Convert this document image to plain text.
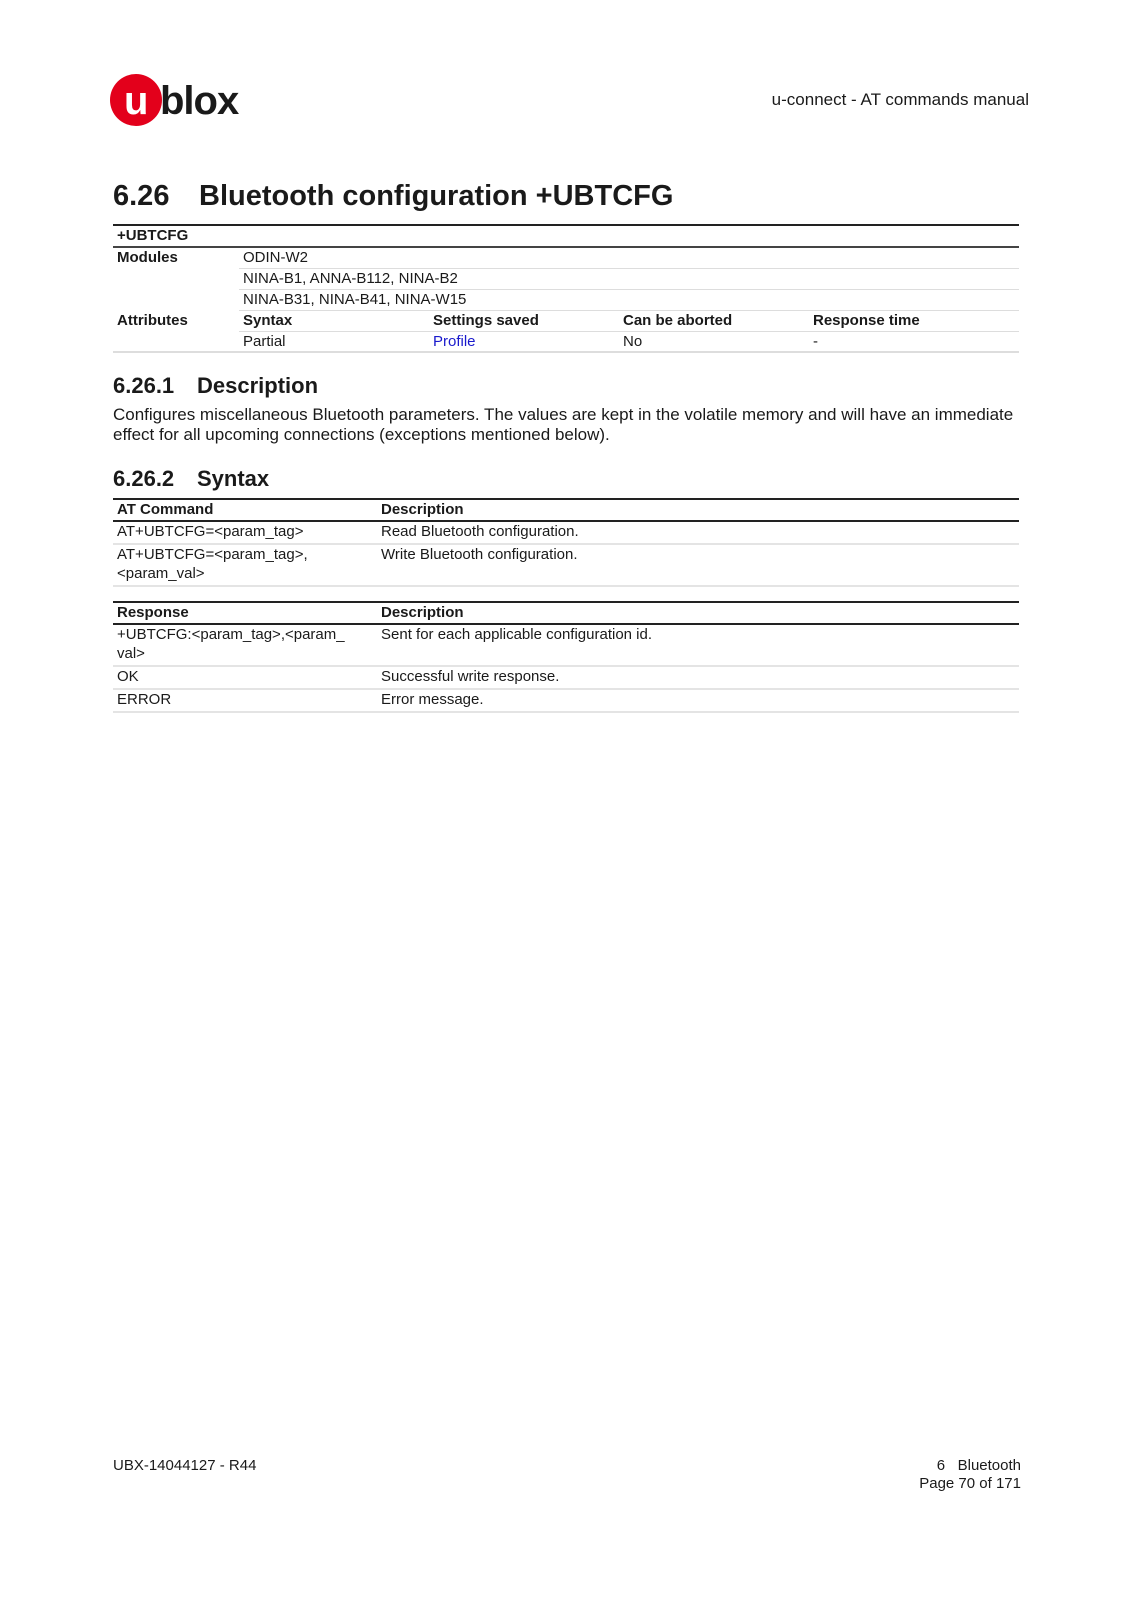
u blox	u-connect - AT commands manual
6.26 Bluetooth configuration +UBTCFG
+UBTCFG				
Modules	ODIN-W2			
	NINA-B1, ANNA-B112, NINA-B2			
	NINA-B31, NINA-B41, NINA-W15			
Attributes	Syntax	Settings saved	Can be aborted	Response time
	Partial	Profile	No	-
6.26.1 Description
Configures miscellaneous Bluetooth parameters. The values are kept in the volatile memory and will have an immediate effect for all upcoming connections (exceptions mentioned below).
6.26.2 Syntax
AT Command	Description
AT+UBTCFG=<param_tag>	Read Bluetooth configuration.
AT+UBTCFG=<param_tag>,
<param_val>	Write Bluetooth configuration.
Response	Description
+UBTCFG:<param_tag>,<param_
val>	Sent for each applicable configuration id.
OK	Successful write response.
ERROR	Error message.
UBX-14044127 - R44	6   Bluetooth
Page 70 of 171
